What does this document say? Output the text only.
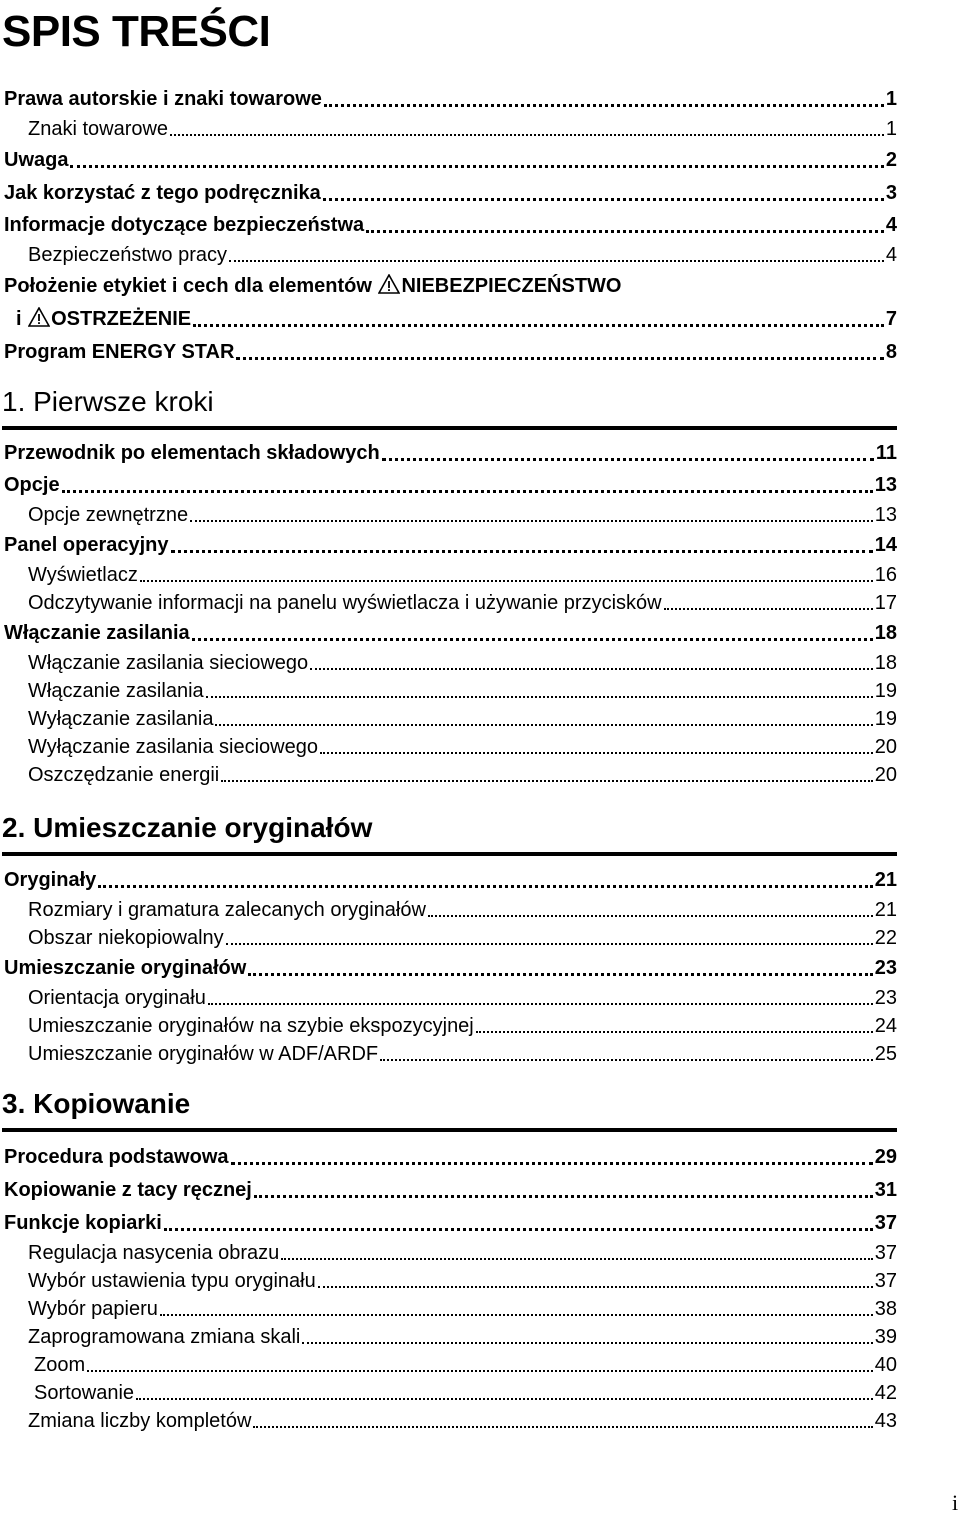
SPIS TREŚCI
Prawa autorskie i znaki towarowe	1
Znaki towarowe	1
Uwaga	2
Jak korzystać z tego podręcznika	3
Informacje dotyczące bezpieczeństwa	4
Bezpieczeństwo pracy	4
Położenie etykiet i cech dla elementów NIEBEZPIECZEŃSTWO
i OSTRZEŻENIE	7
Program ENERGY STAR	8
1. Pierwsze kroki
Przewodnik po elementach składowych	11
Opcje	13
Opcje zewnętrzne	13
Panel operacyjny	14
Wyświetlacz	16
Odczytywanie informacji na panelu wyświetlacza i używanie przycisków	17
Włączanie zasilania	18
Włączanie zasilania sieciowego	18
Włączanie zasilania	19
Wyłączanie zasilania	19
Wyłączanie zasilania sieciowego	20
Oszczędzanie energii	20
2. Umieszczanie oryginałów
Oryginały	21
Rozmiary i gramatura zalecanych oryginałów	21
Obszar niekopiowalny	22
Umieszczanie oryginałów	23
Orientacja oryginału	23
Umieszczanie oryginałów na szybie ekspozycyjnej	24
Umieszczanie oryginałów w ADF/ARDF	25
3. Kopiowanie
Procedura podstawowa	29
Kopiowanie z tacy ręcznej	31
Funkcje kopiarki	37
Regulacja nasycenia obrazu	37
Wybór ustawienia typu oryginału	37
Wybór papieru	38
Zaprogramowana zmiana skali	39
Zoom	40
Sortowanie	42
Zmiana liczby kompletów	43
i
